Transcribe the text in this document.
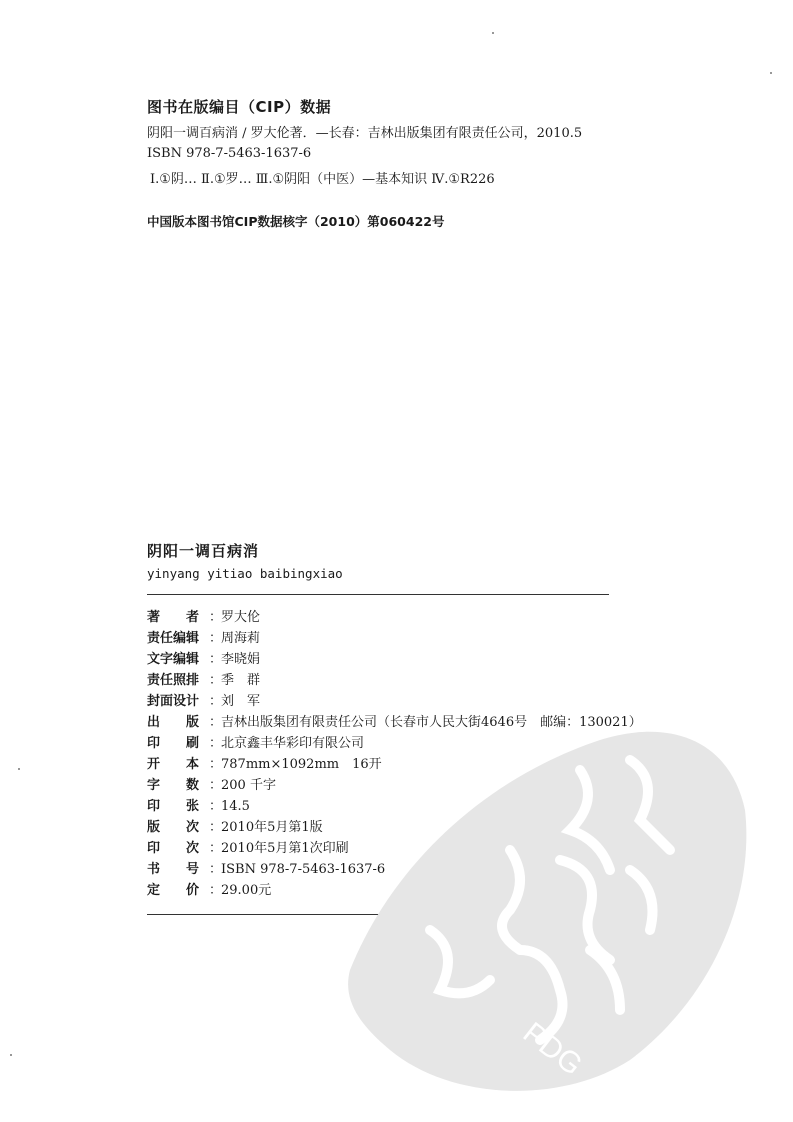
图书在版编目（CIP）数据
阴阳一调百病消 / 罗大伦著．—长春：吉林出版集团有限责任公司，2010.5
ISBN 978-7-5463-1637-6
Ⅰ.①阴… Ⅱ.①罗… Ⅲ.①阴阳（中医）—基本知识 Ⅳ.①R226
中国版本图书馆CIP数据核字（2010）第060422号
阴阳一调百病消
yinyang yitiao baibingxiao
著　　者 ：
罗大伦
责任编辑 ：
周海莉
文字编辑 ：
李晓娟
责任照排 ：
季　群
封面设计 ：
刘　军
出　　版 ：
吉林出版集团有限责任公司（长春市人民大街4646号　邮编：130021）
印　　刷 ：
北京鑫丰华彩印有限公司
开　　本 ：
787mm×1092mm　16开
字　　数 ：
200 千字
印　　张 ：
14.5
版　　次 ：
2010年5月第1版
印　　次 ：
2010年5月第1次印刷
书　　号 ：
ISBN 978-7-5463-1637-6
定　　价 ：
29.00元
PDG
